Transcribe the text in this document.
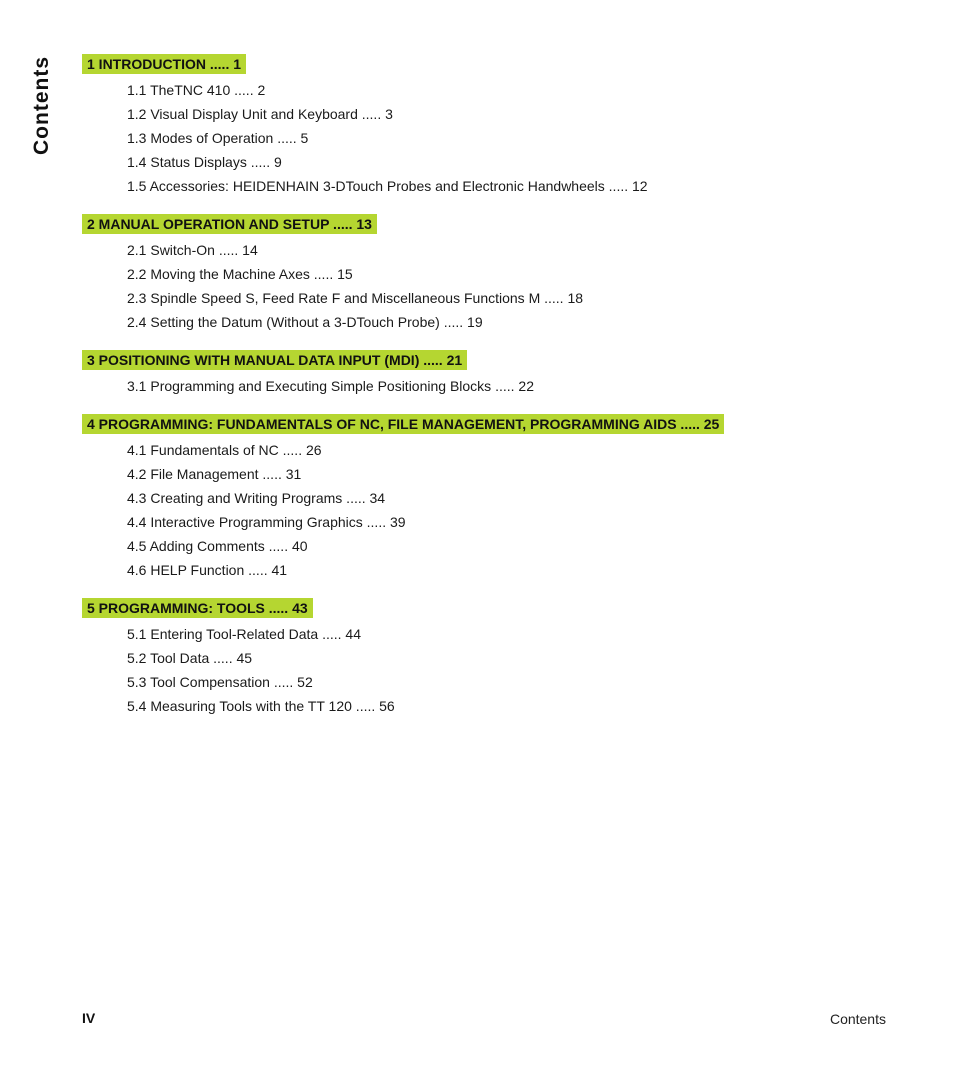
Contents	1 INTRODUCTION ..... 1
1.1 TheTNC 410 ..... 2
1.2 Visual Display Unit and Keyboard ..... 3
1.3 Modes of Operation ..... 5
1.4 Status Displays ..... 9
1.5 Accessories: HEIDENHAIN 3-DTouch Probes and Electronic Handwheels ..... 12
2 MANUAL OPERATION AND SETUP ..... 13
2.1 Switch-On ..... 14
2.2 Moving the Machine Axes ..... 15
2.3 Spindle Speed S, Feed Rate F and Miscellaneous Functions M ..... 18
2.4 Setting the Datum (Without a 3-DTouch Probe) ..... 19
3 POSITIONING WITH MANUAL DATA INPUT (MDI) ..... 21
3.1 Programming and Executing Simple Positioning Blocks ..... 22
4 PROGRAMMING: FUNDAMENTALS OF NC, FILE MANAGEMENT, PROGRAMMING AIDS ..... 25
4.1 Fundamentals of NC ..... 26
4.2 File Management ..... 31
4.3 Creating and Writing Programs ..... 34
4.4 Interactive Programming Graphics ..... 39
4.5 Adding Comments ..... 40
4.6 HELP Function ..... 41
5 PROGRAMMING: TOOLS ..... 43
5.1 Entering Tool-Related Data ..... 44
5.2 Tool Data ..... 45
5.3 Tool Compensation ..... 52
5.4 Measuring Tools with the TT 120 ..... 56
IV	Contents
